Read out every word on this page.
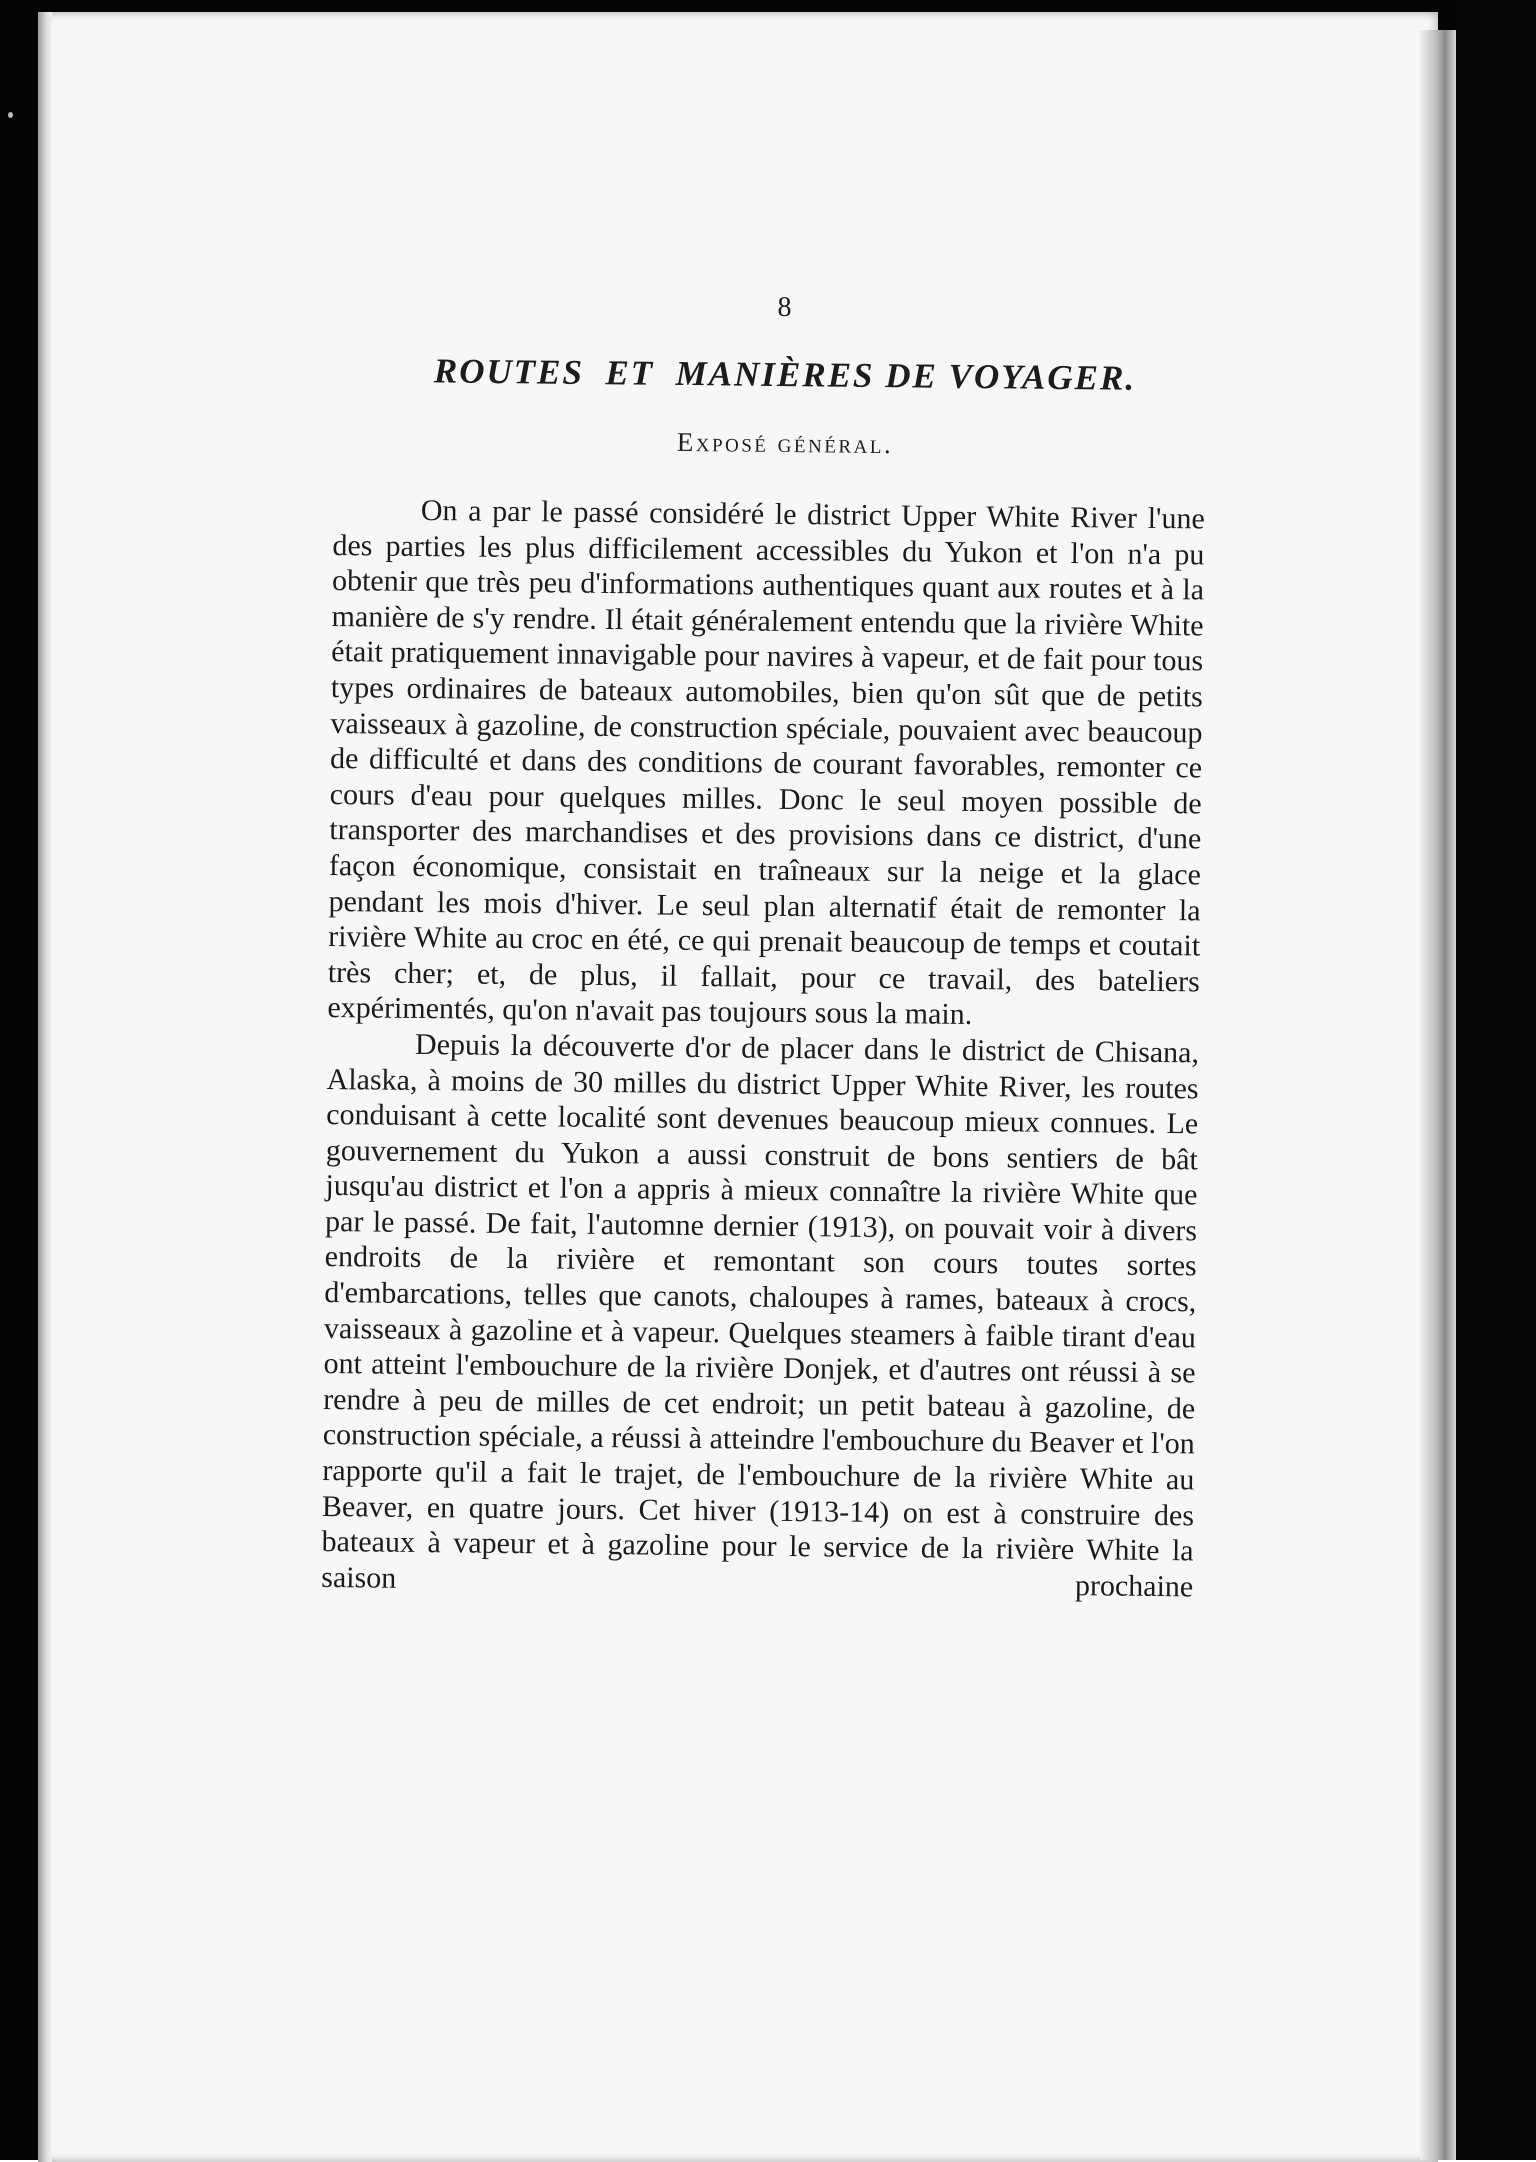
8
ROUTES  ET  MANIÈRES DE VOYAGER.
Exposé général.

On a par le passé considéré le district Upper White River l'une des parties les plus difficilement accessibles du Yukon et l'on n'a pu obtenir que très peu d'informations authentiques quant aux routes et à la manière de s'y rendre. Il était généralement entendu que la rivière White était pratiquement innavigable pour navires à vapeur, et de fait pour tous types ordinaires de bateaux automobiles, bien qu'on sût que de petits vaisseaux à gazoline, de construction spéciale, pouvaient avec beaucoup de difficulté et dans des conditions de courant favorables, remonter ce cours d'eau pour quelques milles. Donc le seul moyen possible de transporter des marchandises et des provisions dans ce district, d'une façon économique, consistait en traîneaux sur la neige et la glace pendant les mois d'hiver. Le seul plan alternatif était de remonter la rivière White au croc en été, ce qui prenait beaucoup de temps et coutait très cher; et, de plus, il fallait, pour ce travail, des bateliers expérimentés, qu'on n'avait pas toujours sous la main.

Depuis la découverte d'or de placer dans le district de Chisana, Alaska, à moins de 30 milles du district Upper White River, les routes conduisant à cette localité sont devenues beaucoup mieux connues. Le gouvernement du Yukon a aussi construit de bons sentiers de bât jusqu'au district et l'on a appris à mieux connaître la rivière White que par le passé. De fait, l'automne dernier (1913), on pouvait voir à divers endroits de la rivière et remontant son cours toutes sortes d'embarcations, telles que canots, chaloupes à rames, bateaux à crocs, vaisseaux à gazoline et à vapeur. Quelques steamers à faible tirant d'eau ont atteint l'embouchure de la rivière Donjek, et d'autres ont réussi à se rendre à peu de milles de cet endroit; un petit bateau à gazoline, de construction spéciale, a réussi à atteindre l'embouchure du Beaver et l'on rapporte qu'il a fait le trajet, de l'embouchure de la rivière White au Beaver, en quatre jours. Cet hiver (1913-14) on est à construire des bateaux à vapeur et à gazoline pour le service de la rivière White la saison prochaine
